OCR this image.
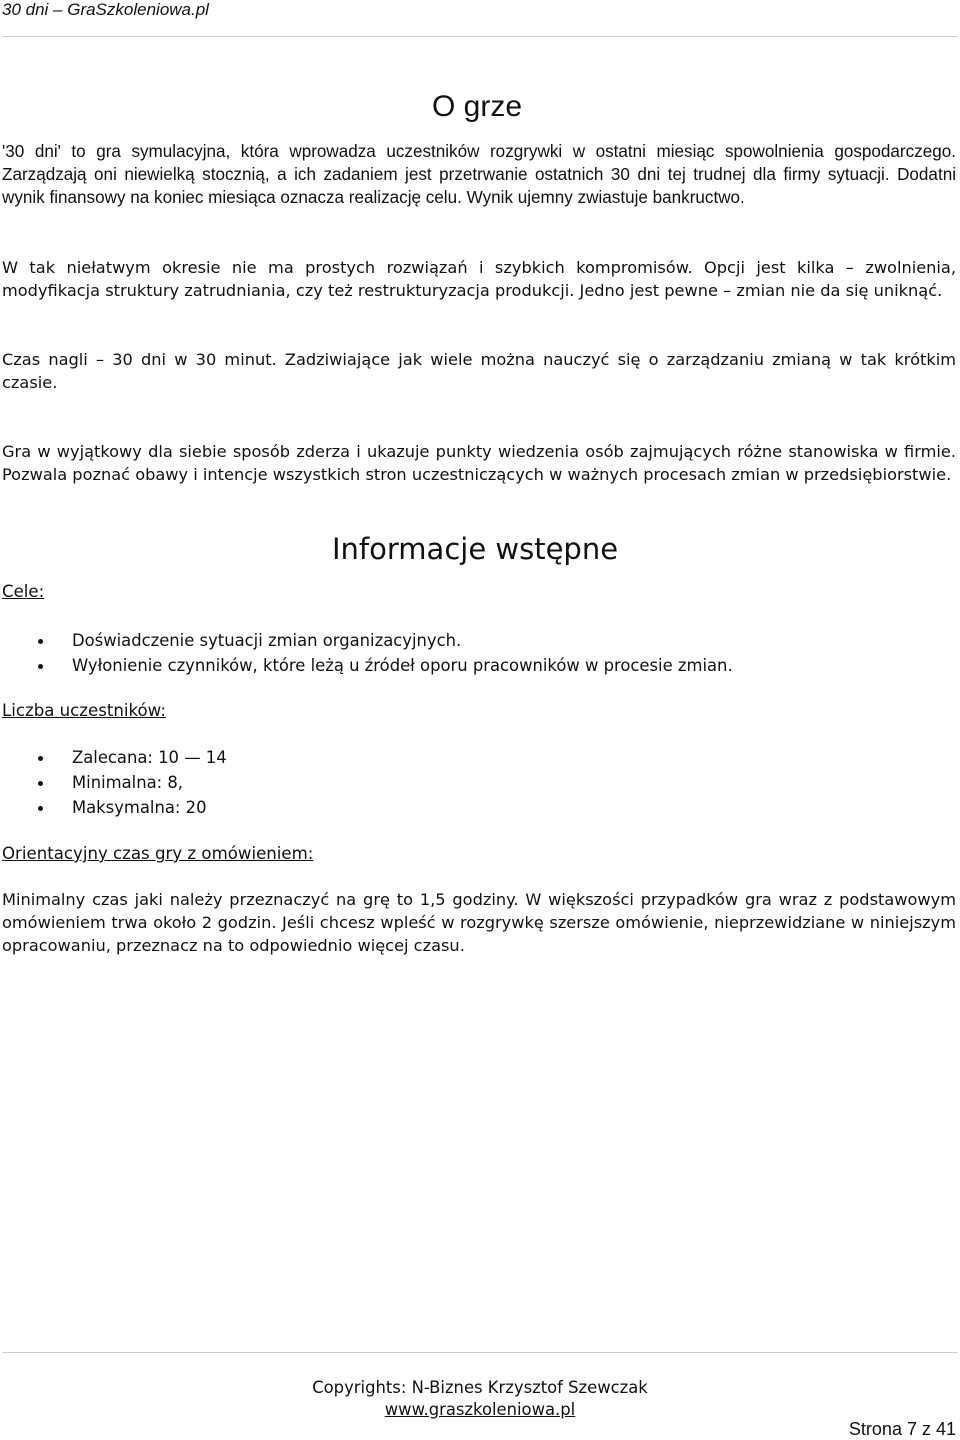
30 dni – GraSzkoleniowa.pl
O grze
'30 dni' to gra symulacyjna, która wprowadza uczestników rozgrywki w ostatni miesiąc spowolnienia gospodarczego. Zarządzają oni niewielką stocznią, a ich zadaniem jest przetrwanie ostatnich 30 dni tej trudnej dla firmy sytuacji. Dodatni wynik finansowy na koniec miesiąca oznacza realizację celu. Wynik ujemny zwiastuje bankructwo.
W tak niełatwym okresie nie ma prostych rozwiązań i szybkich kompromisów. Opcji jest kilka – zwolnienia, modyfikacja struktury zatrudniania, czy też restrukturyzacja produkcji. Jedno jest pewne – zmian nie da się uniknąć.
Czas nagli – 30 dni w 30 minut. Zadziwiające jak wiele można nauczyć się o zarządzaniu zmianą w tak krótkim czasie.
Gra w wyjątkowy dla siebie sposób zderza i ukazuje punkty wiedzenia osób zajmujących różne stanowiska w firmie. Pozwala poznać obawy i intencje wszystkich stron uczestniczących w ważnych procesach zmian w przedsiębiorstwie.
Informacje wstępne
Cele:
Doświadczenie sytuacji zmian organizacyjnych.
Wyłonienie czynników, które leżą u źródeł oporu pracowników w procesie zmian.
Liczba uczestników:
Zalecana: 10 — 14
Minimalna: 8,
Maksymalna: 20
Orientacyjny czas gry z omówieniem:
Minimalny czas jaki należy przeznaczyć na grę to 1,5 godziny. W większości przypadków gra wraz z podstawowym omówieniem trwa około 2 godzin. Jeśli chcesz wpleść w rozgrywkę szersze omówienie, nieprzewidziane w niniejszym opracowaniu, przeznacz na to odpowiednio więcej czasu.
Copyrights: N-Biznes Krzysztof Szewczak
www.graszkoleniowa.pl
Strona 7 z 41
